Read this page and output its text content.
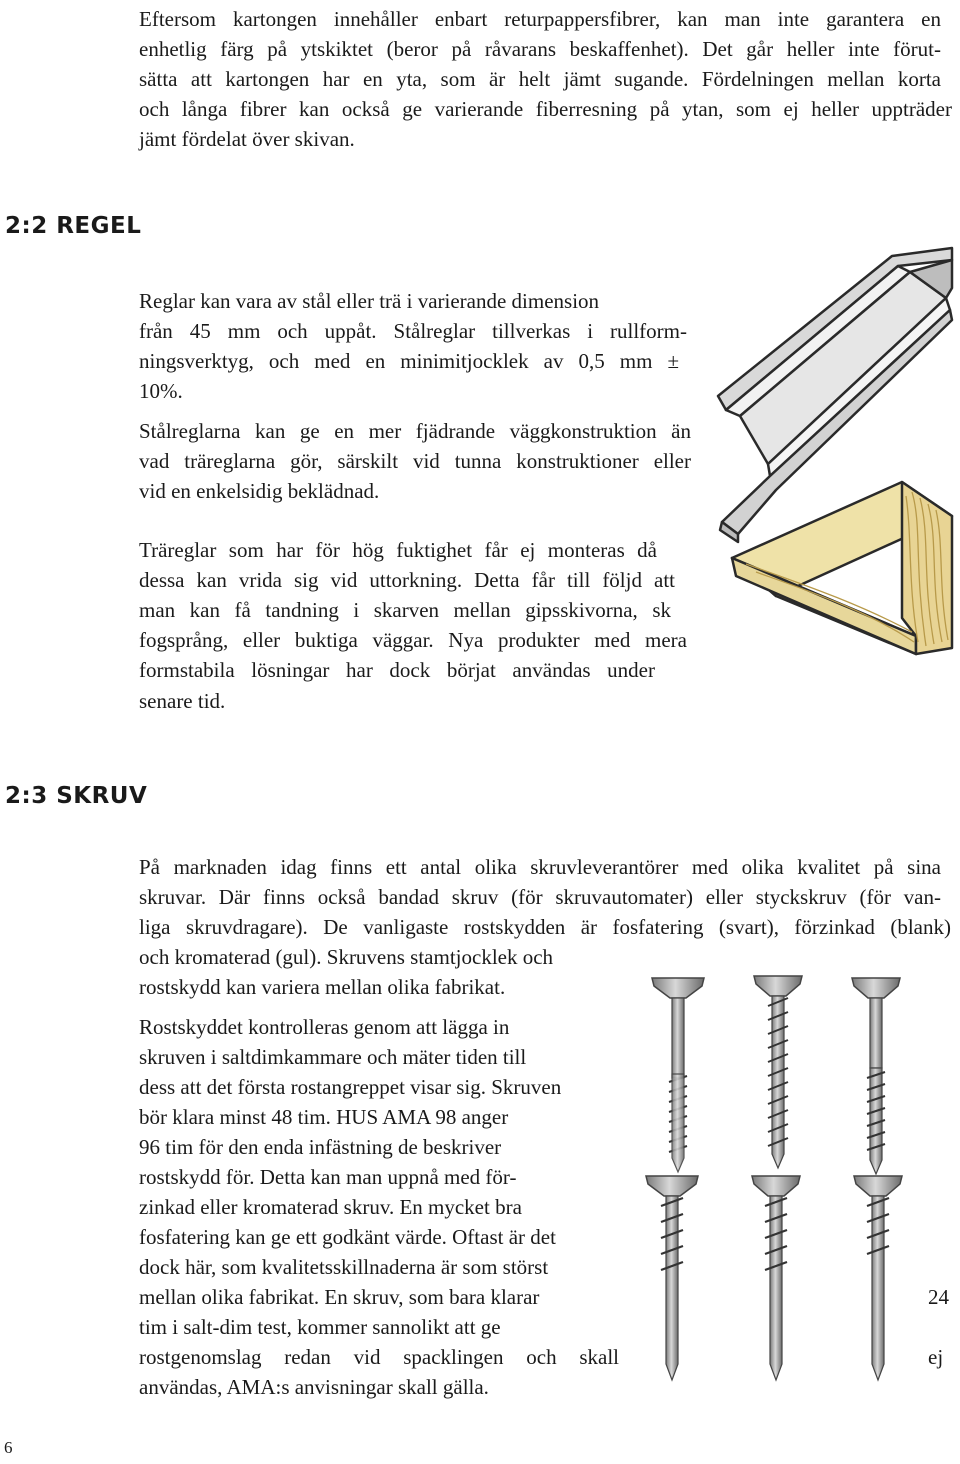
Eftersom kartongen innehåller enbart returpappersfibrer, kan man inte garantera en
enhetlig färg på ytskiktet (beror på råvarans beskaffenhet). Det går heller inte förut-
sätta att kartongen har en yta, som är helt jämt sugande. Fördelningen mellan korta
och långa fibrer kan också ge varierande fiberresning på ytan, som ej heller uppträder
jämt fördelat över skivan.
2:2 REGEL
Reglar kan vara av stål eller trä i varierande dimension
från 45 mm och uppåt. Stålreglar tillverkas i rullform-
ningsverktyg, och med en minimitjocklek av 0,5 mm ±
10%.
Stålreglarna kan ge en mer fjädrande väggkonstruktion än
vad träreglarna gör, särskilt vid tunna konstruktioner eller
vid en enkelsidig beklädnad.
Träreglar som har för hög fuktighet får ej monteras då
dessa kan vrida sig vid uttorkning. Detta får till följd att
man kan få tandning i skarven mellan gipsskivorna, sk
fogsprång, eller buktiga väggar. Nya produkter med mera
formstabila lösningar har dock börjat användas under
senare tid.
2:3 SKRUV
På marknaden idag finns ett antal olika skruvleverantörer med olika kvalitet på sina
skruvar. Där finns också bandad skruv (för skruvautomater) eller styckskruv (för van-
liga skruvdragare). De vanligaste rostskydden är fosfatering (svart), förzinkad (blank)
och kromaterad (gul). Skruvens stamtjocklek och
rostskydd kan variera mellan olika fabrikat.
Rostskyddet kontrolleras genom att lägga in
skruven i saltdimkammare och mäter tiden till
dess att det första rostangreppet visar sig. Skruven
bör klara minst 48 tim. HUS AMA 98 anger
96 tim för den enda infästning de beskriver
rostskydd för. Detta kan man uppnå med för-
zinkad eller kromaterad skruv. En mycket bra
fosfatering kan ge ett godkänt värde. Oftast är det
dock här, som kvalitetsskillnaderna är som störst
mellan olika fabrikat. En skruv, som bara klarar
tim i salt-dim test, kommer sannolikt att ge
rostgenomslag redan vid spacklingen och skall
användas, AMA:s anvisningar skall gälla.
24
ej
6
